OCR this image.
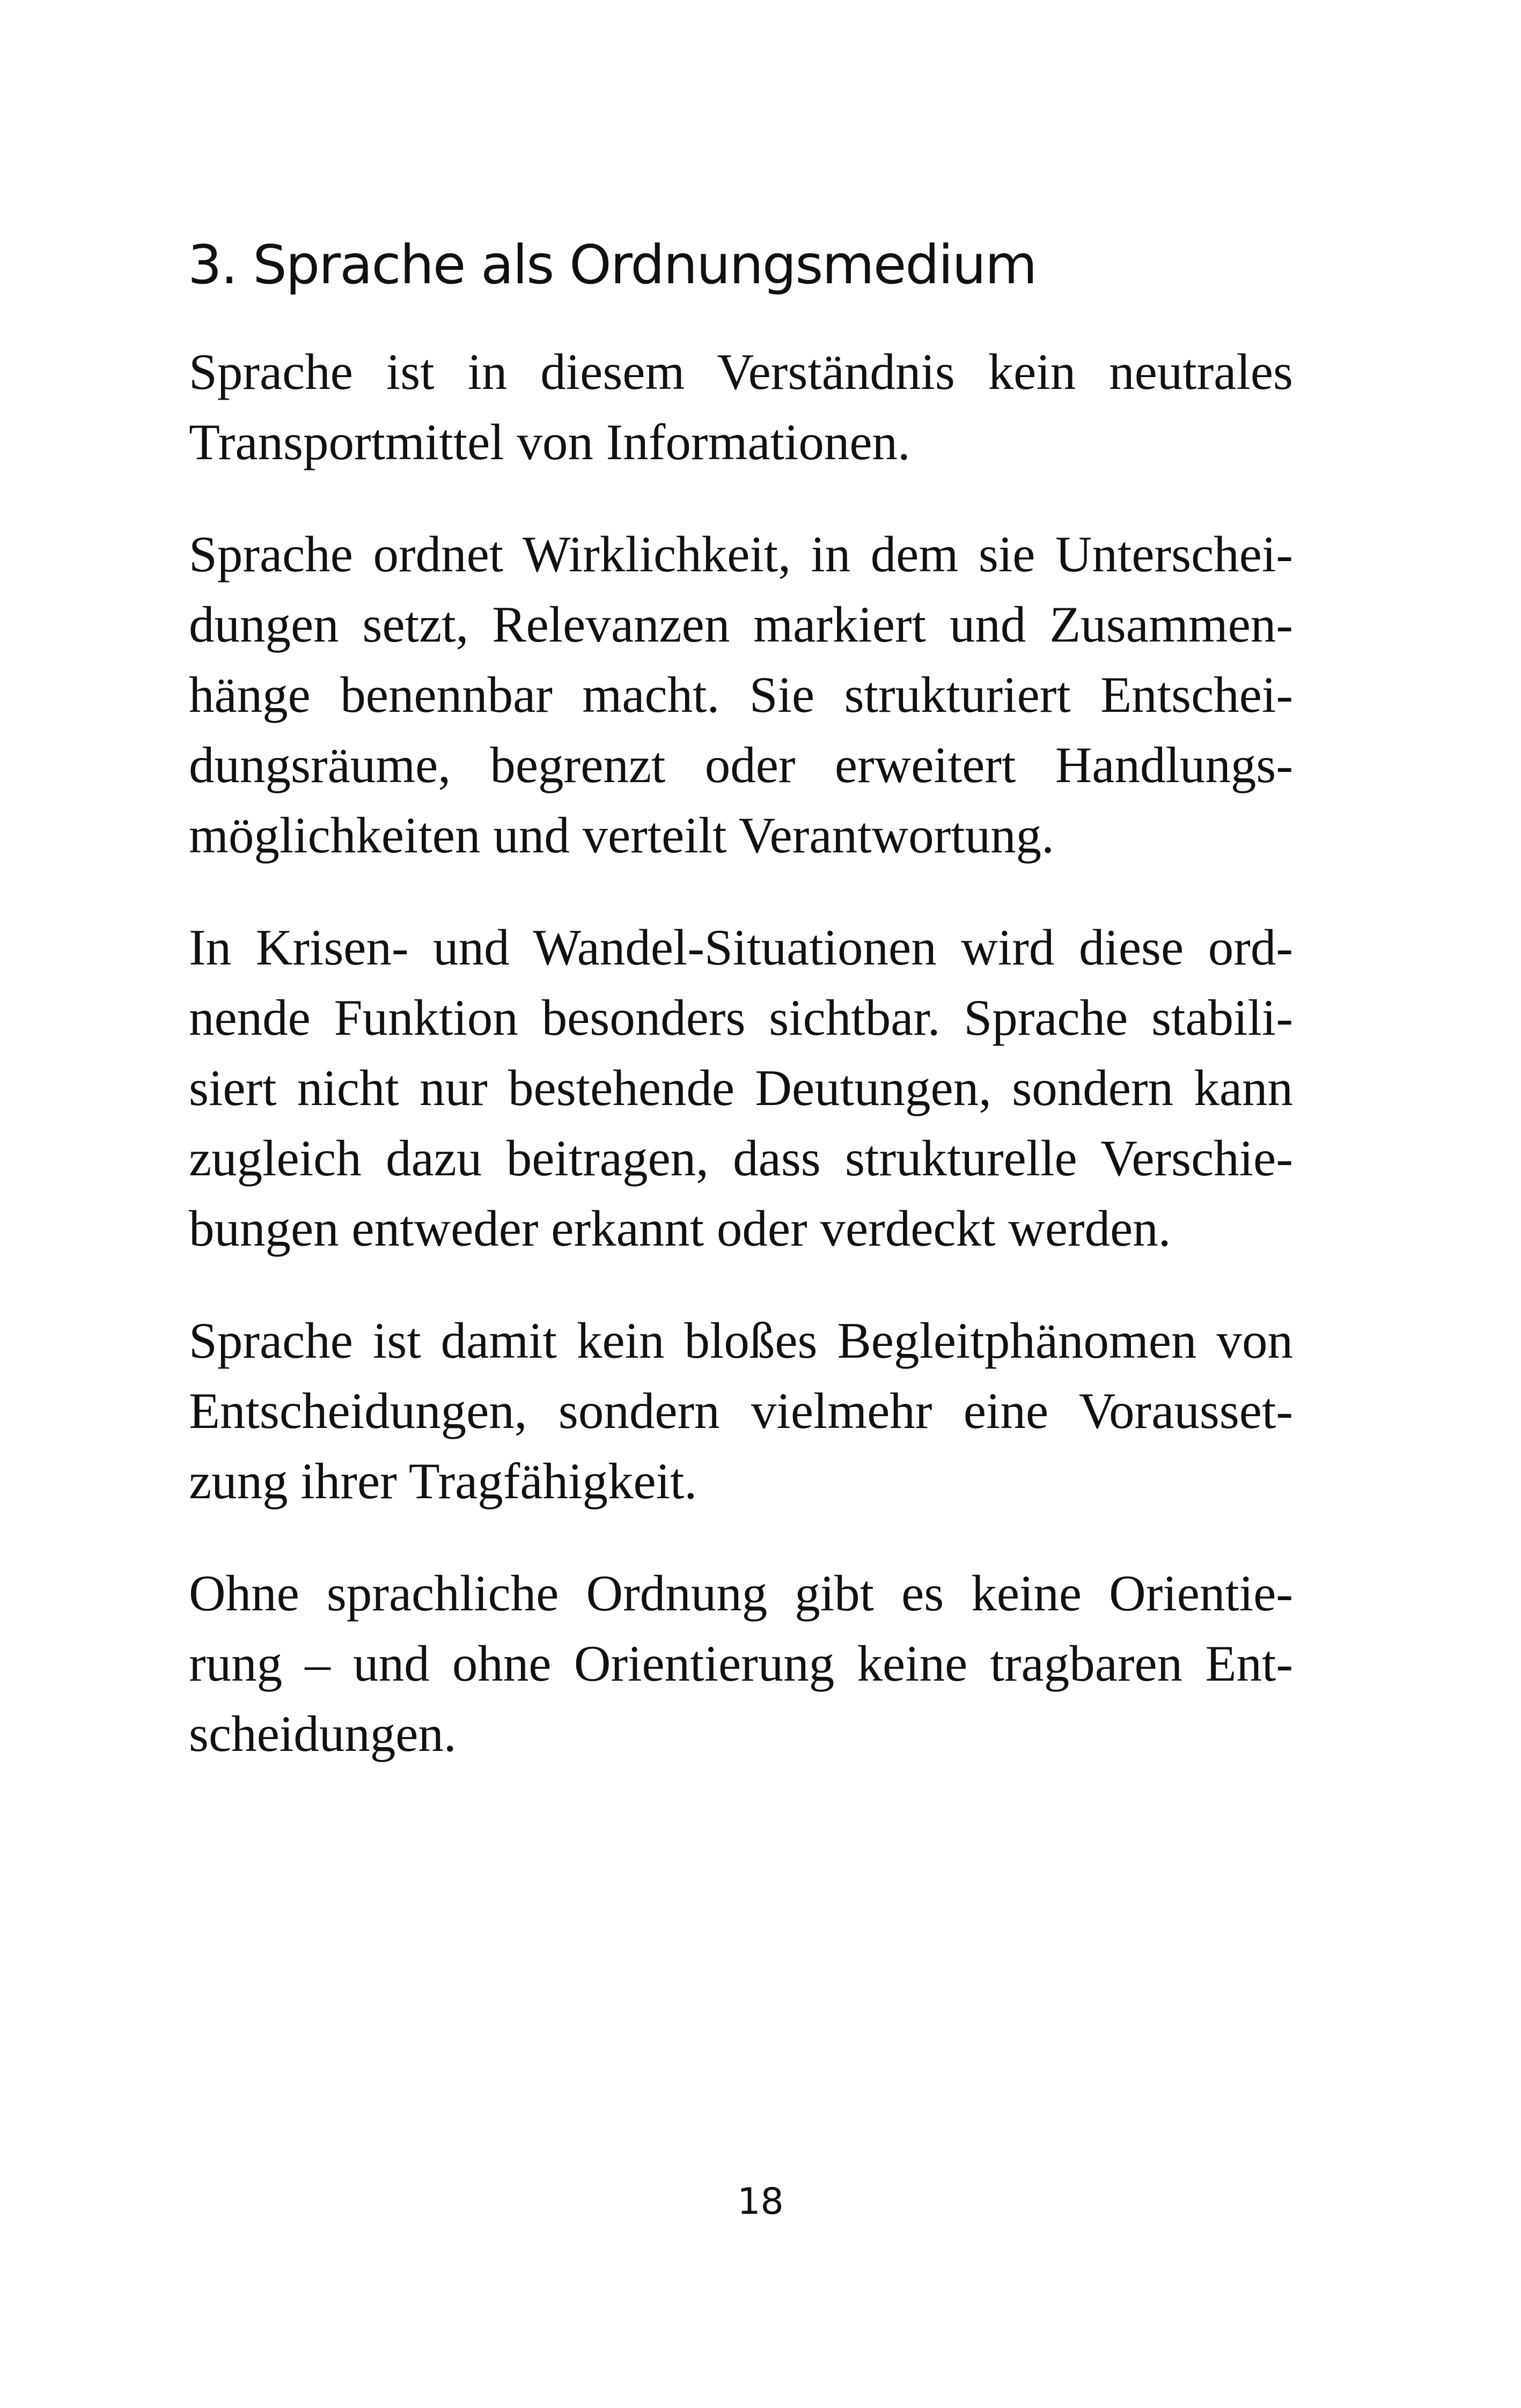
3. Sprache als Ordnungsmedium

Sprache ist in diesem Verständnis kein neutrales
Transportmittel von Informationen.

Sprache ordnet Wirklichkeit, in dem sie Unterschei-
dungen setzt, Relevanzen markiert und Zusammen-
hänge benennbar macht. Sie strukturiert Entschei-
dungsräume, begrenzt oder erweitert Handlungs-
möglichkeiten und verteilt Verantwortung.

In Krisen- und Wandel-Situationen wird diese ord-
nende Funktion besonders sichtbar. Sprache stabili-
siert nicht nur bestehende Deutungen, sondern kann
zugleich dazu beitragen, dass strukturelle Verschie-
bungen entweder erkannt oder verdeckt werden.

Sprache ist damit kein bloßes Begleitphänomen von
Entscheidungen, sondern vielmehr eine Vorausset-
zung ihrer Tragfähigkeit.

Ohne sprachliche Ordnung gibt es keine Orientie-
rung – und ohne Orientierung keine tragbaren Ent-
scheidungen.

18
